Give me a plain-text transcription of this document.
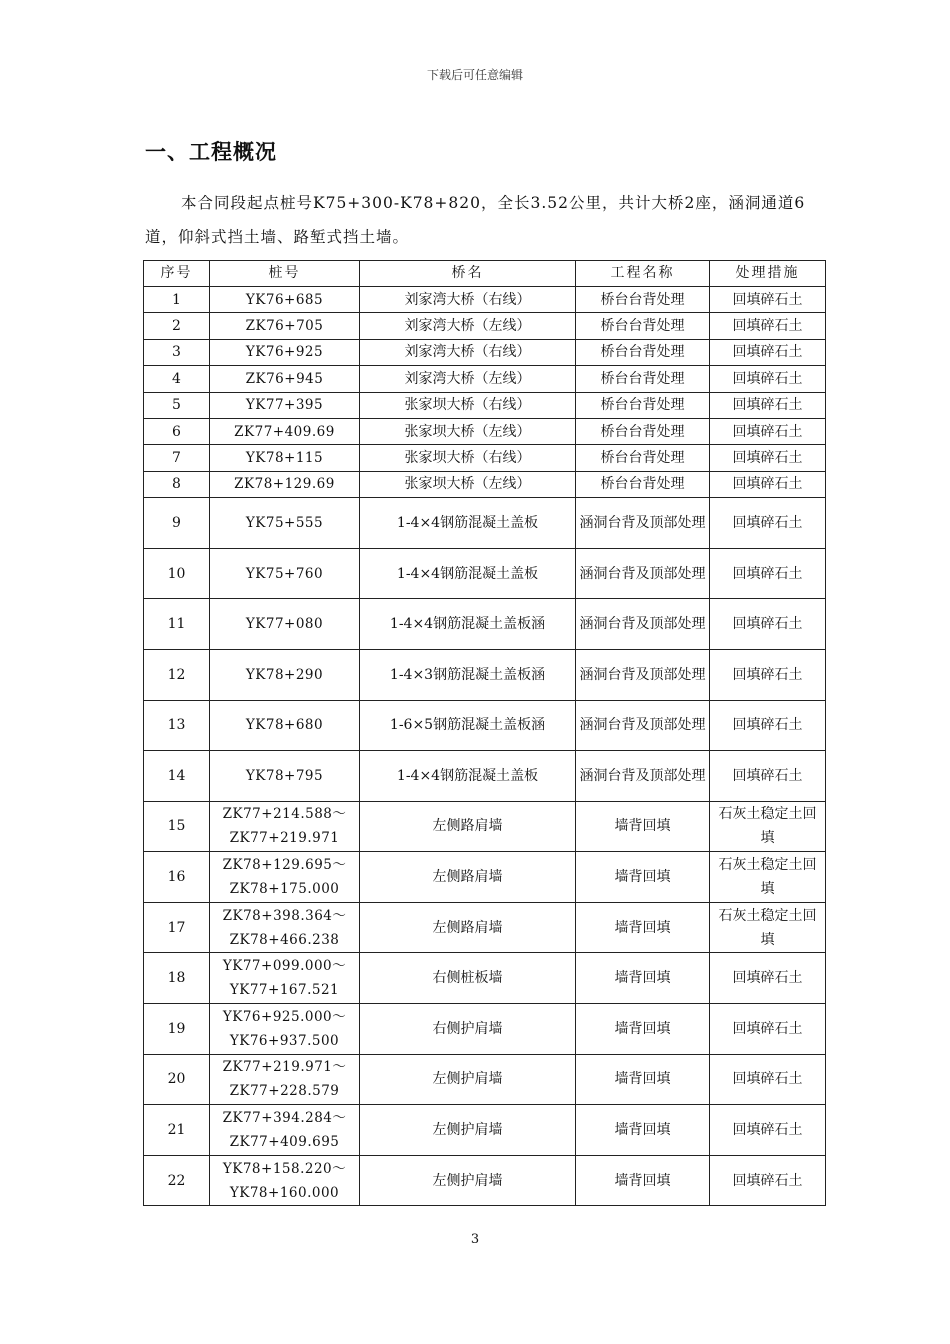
下载后可任意编辑
一、工程概况
本合同段起点桩号K75+300-K78+820，全长3.52公里，共计大桥2座，涵洞通道6道，仰斜式挡土墙、路堑式挡土墙。
序号	桩号	桥名	工程名称	处理措施
1	YK76+685	刘家湾大桥（右线）	桥台台背处理	回填碎石土
2	ZK76+705	刘家湾大桥（左线）	桥台台背处理	回填碎石土
3	YK76+925	刘家湾大桥（右线）	桥台台背处理	回填碎石土
4	ZK76+945	刘家湾大桥（左线）	桥台台背处理	回填碎石土
5	YK77+395	张家坝大桥（右线）	桥台台背处理	回填碎石土
6	ZK77+409.69	张家坝大桥（左线）	桥台台背处理	回填碎石土
7	YK78+115	张家坝大桥（右线）	桥台台背处理	回填碎石土
8	ZK78+129.69	张家坝大桥（左线）	桥台台背处理	回填碎石土
9	YK75+555	1-4×4钢筋混凝土盖板	涵洞台背及顶部处理	回填碎石土
10	YK75+760	1-4×4钢筋混凝土盖板	涵洞台背及顶部处理	回填碎石土
11	YK77+080	1-4×4钢筋混凝土盖板涵	涵洞台背及顶部处理	回填碎石土
12	YK78+290	1-4×3钢筋混凝土盖板涵	涵洞台背及顶部处理	回填碎石土
13	YK78+680	1-6×5钢筋混凝土盖板涵	涵洞台背及顶部处理	回填碎石土
14	YK78+795	1-4×4钢筋混凝土盖板	涵洞台背及顶部处理	回填碎石土
15	ZK77+214.588～ZK77+219.971	左侧路肩墙	墙背回填	石灰土稳定土回填
16	ZK78+129.695～ZK78+175.000	左侧路肩墙	墙背回填	石灰土稳定土回填
17	ZK78+398.364～ZK78+466.238	左侧路肩墙	墙背回填	石灰土稳定土回填
18	YK77+099.000～YK77+167.521	右侧桩板墙	墙背回填	回填碎石土
19	YK76+925.000～YK76+937.500	右侧护肩墙	墙背回填	回填碎石土
20	ZK77+219.971～ZK77+228.579	左侧护肩墙	墙背回填	回填碎石土
21	ZK77+394.284～ZK77+409.695	左侧护肩墙	墙背回填	回填碎石土
22	YK78+158.220～YK78+160.000	左侧护肩墙	墙背回填	回填碎石土
3
